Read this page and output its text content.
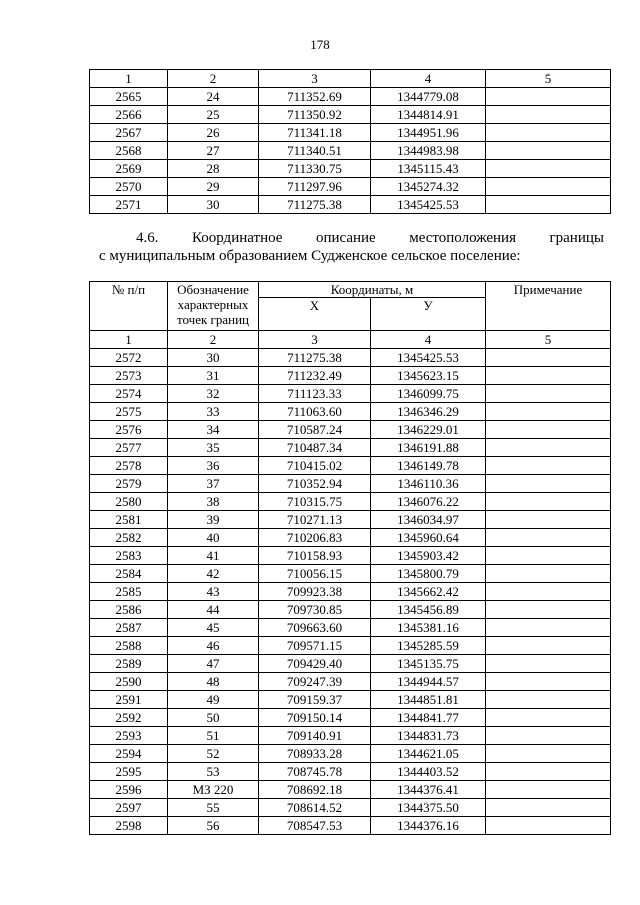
178
1	2	3	4	5
2565	24	711352.69	1344779.08	
2566	25	711350.92	1344814.91	
2567	26	711341.18	1344951.96	
2568	27	711340.51	1344983.98	
2569	28	711330.75	1345115.43	
2570	29	711297.96	1345274.32	
2571	30	711275.38	1345425.53	
4.6. Координатное описание местоположения границы
с муниципальным образованием Судженское сельское поселение:
№ п/п	Обозначение характерных точек границ	Координаты, м		Примечание
		Х	У	
1	2	3	4	5
2572	30	711275.38	1345425.53	
2573	31	711232.49	1345623.15	
2574	32	711123.33	1346099.75	
2575	33	711063.60	1346346.29	
2576	34	710587.24	1346229.01	
2577	35	710487.34	1346191.88	
2578	36	710415.02	1346149.78	
2579	37	710352.94	1346110.36	
2580	38	710315.75	1346076.22	
2581	39	710271.13	1346034.97	
2582	40	710206.83	1345960.64	
2583	41	710158.93	1345903.42	
2584	42	710056.15	1345800.79	
2585	43	709923.38	1345662.42	
2586	44	709730.85	1345456.89	
2587	45	709663.60	1345381.16	
2588	46	709571.15	1345285.59	
2589	47	709429.40	1345135.75	
2590	48	709247.39	1344944.57	
2591	49	709159.37	1344851.81	
2592	50	709150.14	1344841.77	
2593	51	709140.91	1344831.73	
2594	52	708933.28	1344621.05	
2595	53	708745.78	1344403.52	
2596	МЗ 220	708692.18	1344376.41	
2597	55	708614.52	1344375.50	
2598	56	708547.53	1344376.16	
